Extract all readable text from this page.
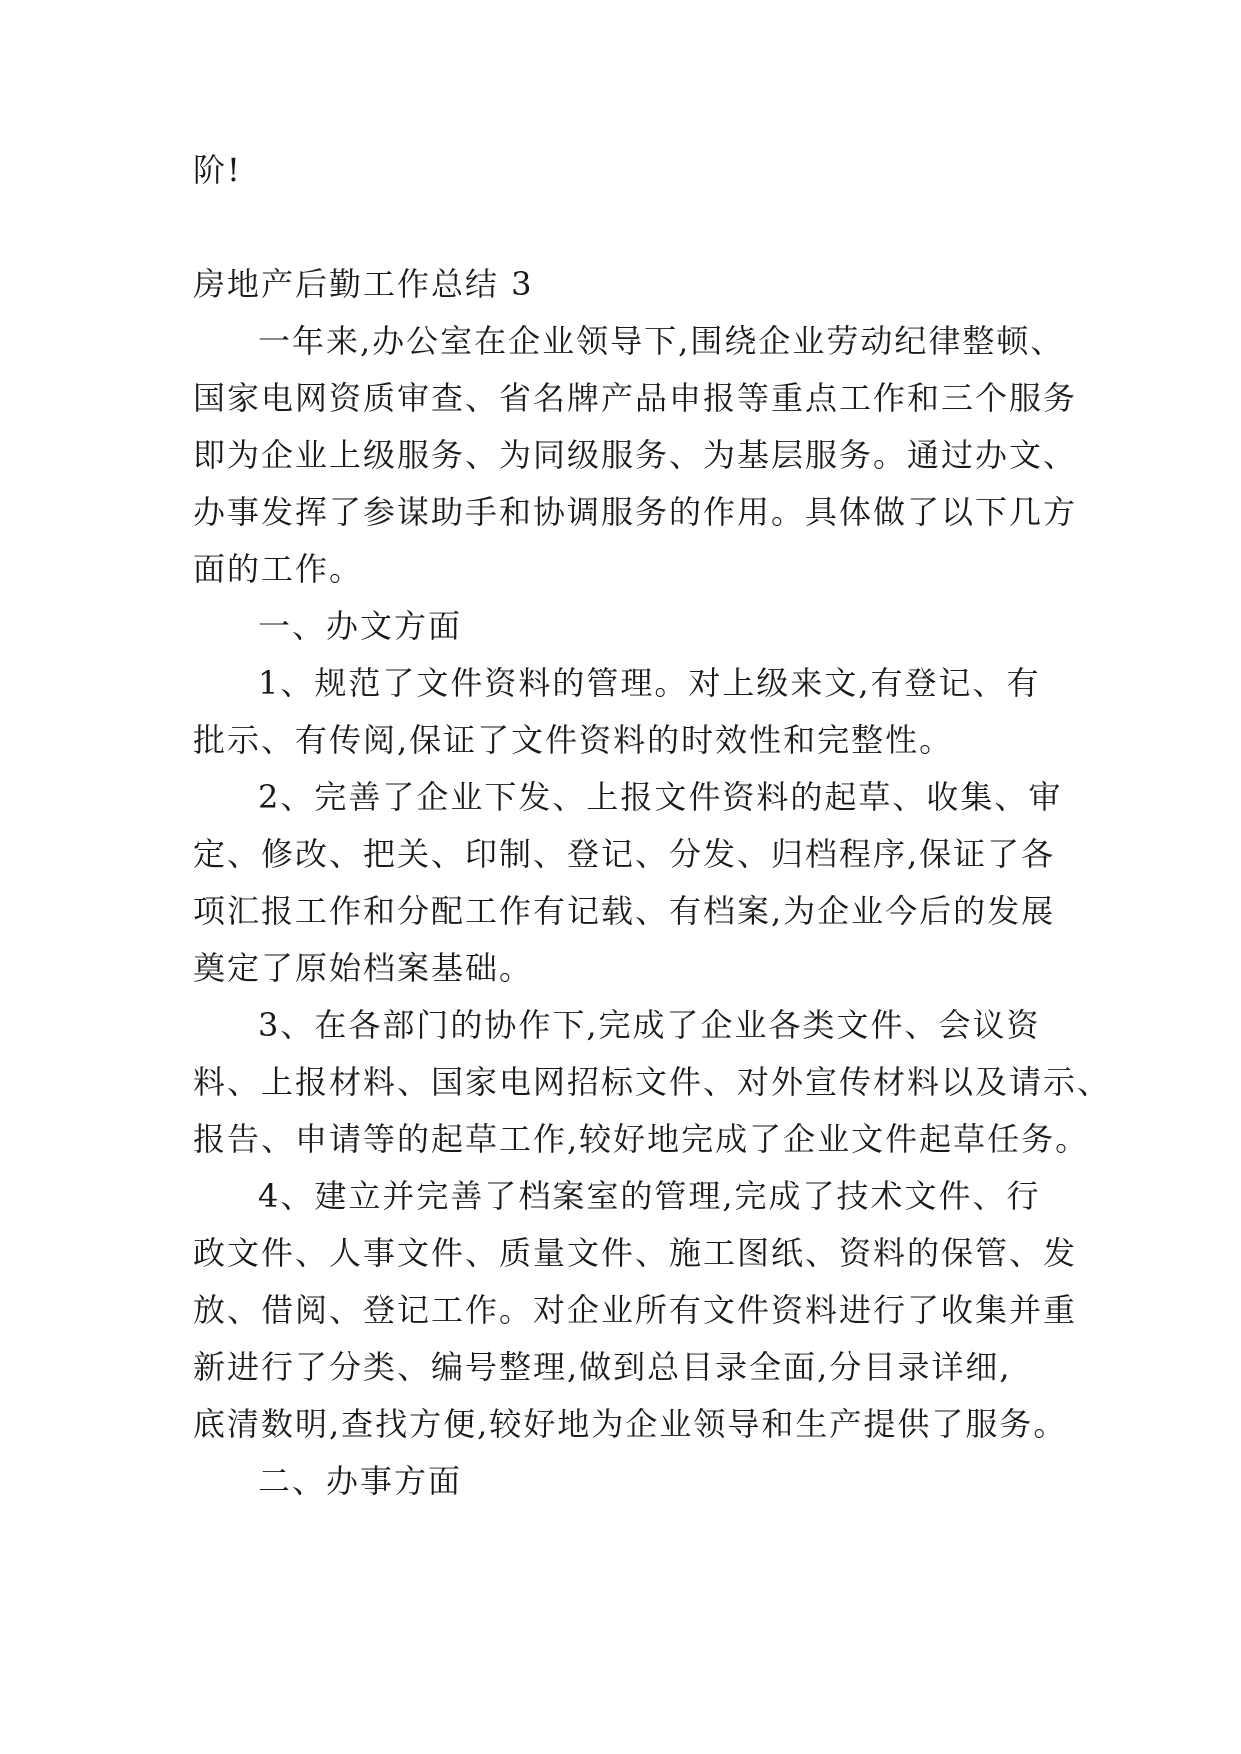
阶!
房地产后勤工作总结 3
一年来,办公室在企业领导下,围绕企业劳动纪律整顿、
国家电网资质审查、省名牌产品申报等重点工作和三个服务
即为企业上级服务、为同级服务、为基层服务。通过办文、
办事发挥了参谋助手和协调服务的作用。具体做了以下几方
面的工作。
一、办文方面
1、规范了文件资料的管理。对上级来文,有登记、有
批示、有传阅,保证了文件资料的时效性和完整性。
2、完善了企业下发、上报文件资料的起草、收集、审
定、修改、把关、印制、登记、分发、归档程序,保证了各
项汇报工作和分配工作有记载、有档案,为企业今后的发展
奠定了原始档案基础。
3、在各部门的协作下,完成了企业各类文件、会议资
料、上报材料、国家电网招标文件、对外宣传材料以及请示、
报告、申请等的起草工作,较好地完成了企业文件起草任务。
4、建立并完善了档案室的管理,完成了技术文件、行
政文件、人事文件、质量文件、施工图纸、资料的保管、发
放、借阅、登记工作。对企业所有文件资料进行了收集并重
新进行了分类、编号整理,做到总目录全面,分目录详细,
底清数明,查找方便,较好地为企业领导和生产提供了服务。
二、办事方面
